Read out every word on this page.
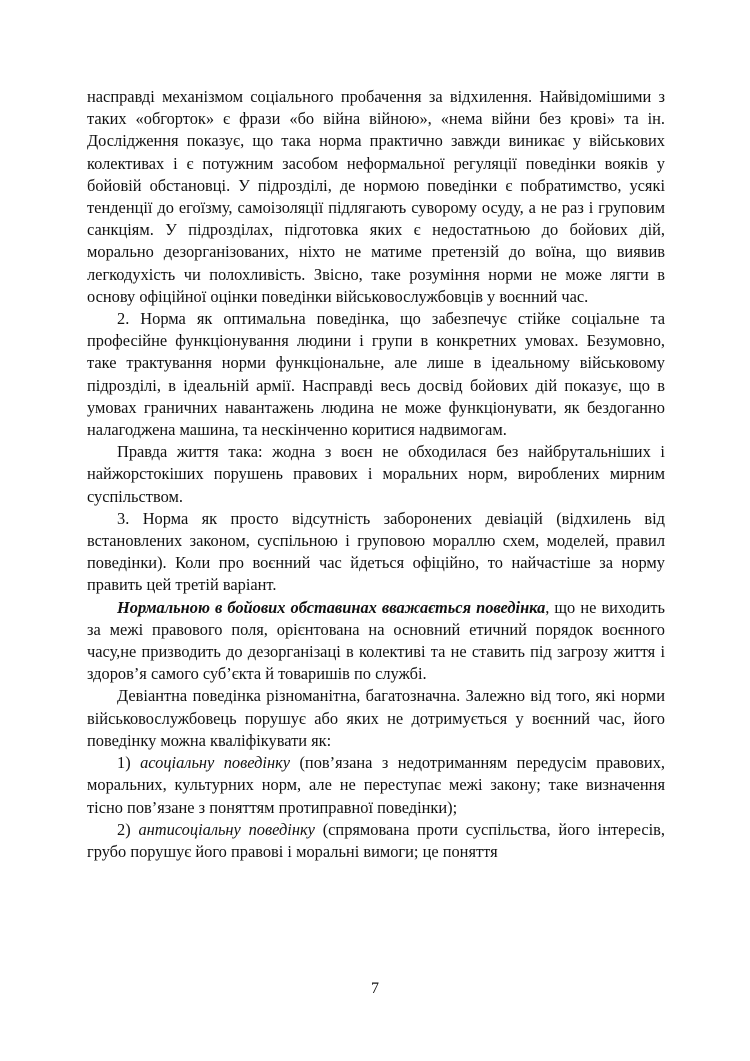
насправді механізмом соціального пробачення за відхилення. Найвідомішими з таких «обгорток» є фрази «бо війна війною», «нема війни без крові» та ін. Дослідження показує, що така норма практично завжди виникає у військових колективах і є потужним засобом неформальної регуляції поведінки вояків у бойовій обстановці. У підрозділі, де нормою поведінки є побратимство, усякі тенденції до егоїзму, самоізоляції підлягають суворому осуду, а не раз і груповим санкціям. У підрозділах, підготовка яких є недостатньою до бойових дій, морально дезорганізованих, ніхто не матиме претензій до воїна, що виявив легкодухість чи полохливість. Звісно, таке розуміння норми не може лягти в основу офіційної оцінки поведінки військовослужбовців у воєнний час.

2. Норма як оптимальна поведінка, що забезпечує стійке соціальне та професійне функціонування людини і групи в конкретних умовах. Безумовно, таке трактування норми функціональне, але лише в ідеальному військовому підрозділі, в ідеальній армії. Насправді весь досвід бойових дій показує, що в умовах граничних навантажень людина не може функціонувати, як бездоганно налагоджена машина, та нескінченно коритися надвимогам.

Правда життя така: жодна з воєн не обходилася без найбрутальніших і найжорстокіших порушень правових і моральних норм, вироблених мирним суспільством.

3. Норма як просто відсутність заборонених девіацій (відхилень від встановлених законом, суспільною і груповою мораллю схем, моделей, правил поведінки). Коли про воєнний час йдеться офіційно, то найчастіше за норму править цей третій варіант.

Нормальною в бойових обставинах вважається поведінка, що не виходить за межі правового поля, орієнтована на основний етичний порядок воєнного часу,не призводить до дезорганізаці в колективі та не ставить під загрозу життя і здоров’я самого суб’єкта й товаришів по службі.

Девіантна поведінка різноманітна, багатозначна. Залежно від того, які норми військовослужбовець порушує або яких не дотримується у воєнний час, його поведінку можна кваліфікувати як:

1) асоціальну поведінку (пов’язана з недотриманням передусім правових, моральних, культурних норм, але не переступає межі закону; таке визначення тісно пов’язане з поняттям протиправної поведінки);

2) антисоціальну поведінку (спрямована проти суспільства, його інтересів, грубо порушує його правові і моральні вимоги; це поняття

7
